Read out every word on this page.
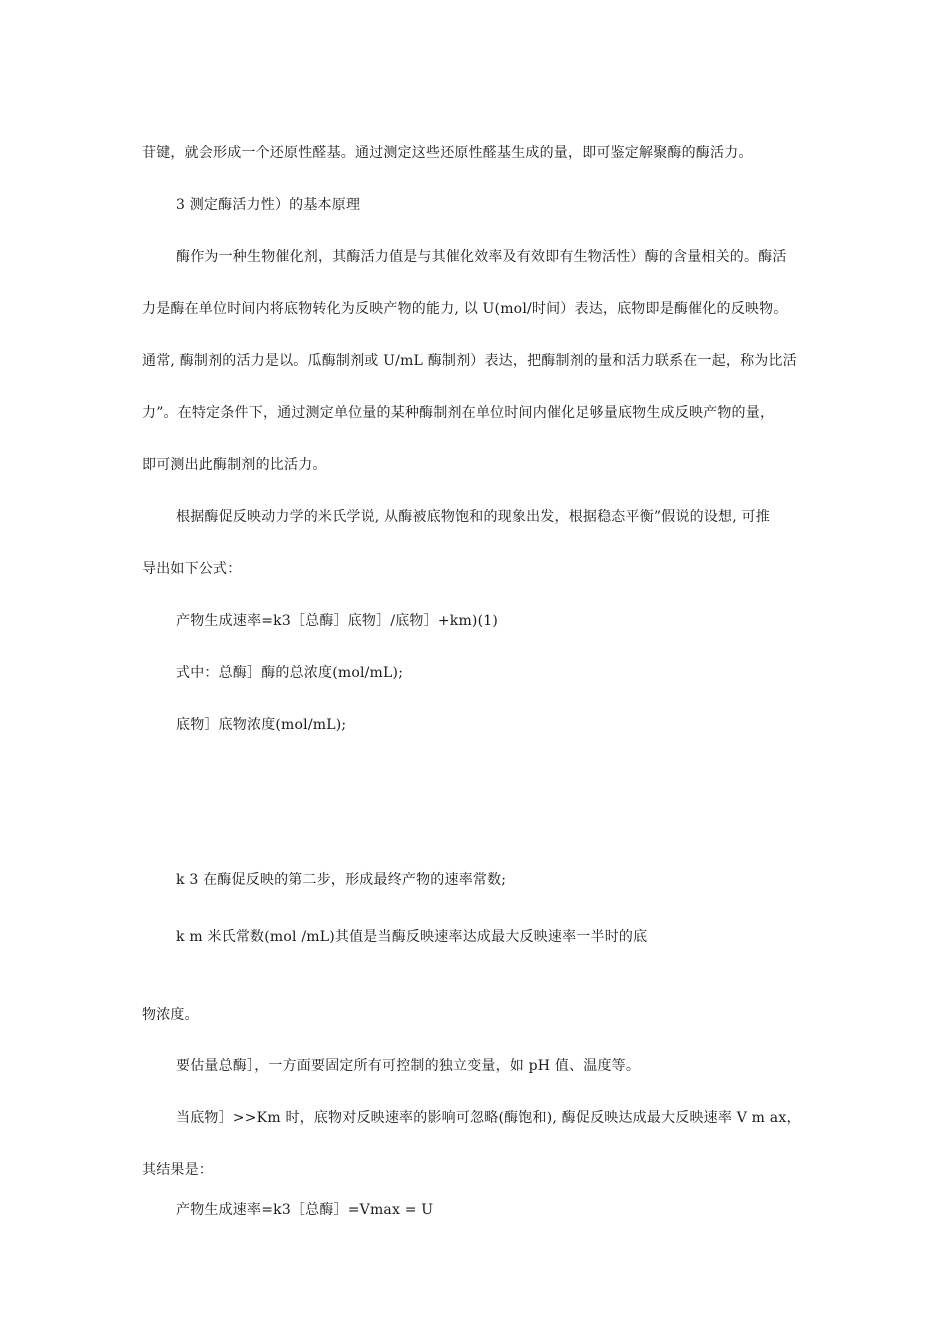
苷键，就会形成一个还原性醛基。通过测定这些还原性醛基生成的量，即可鉴定解聚酶的酶活力。
3 测定酶活力性）的基本原理
酶作为一种生物催化剂，其酶活力值是与其催化效率及有效即有生物活性）酶的含量相关的。酶活
力是酶在单位时间内将底物转化为反映产物的能力, 以 U(mol/时间）表达，底物即是酶催化的反映物。
通常, 酶制剂的活力是以。瓜酶制剂或 U/mL 酶制剂）表达，把酶制剂的量和活力联系在一起，称为比活
力”。在特定条件下，通过测定单位量的某种酶制剂在单位时间内催化足够量底物生成反映产物的量，
即可测出此酶制剂的比活力。
根据酶促反映动力学的米氏学说, 从酶被底物饱和的现象出发，根据稳态平衡”假说的设想, 可推
导出如下公式：
产物生成速率=k3［总酶］底物］/底物］+km)(1)
式中：总酶］酶的总浓度(mol/mL);
底物］底物浓度(mol/mL);
k 3 在酶促反映的第二步，形成最终产物的速率常数;
k m 米氏常数(mol /mL)其值是当酶反映速率达成最大反映速率一半时的底
物浓度。
要估量总酶］，一方面要固定所有可控制的独立变量，如 pH 值、温度等。
当底物］>>Km 时，底物对反映速率的影响可忽略(酶饱和), 酶促反映达成最大反映速率 V m ax，
其结果是：
产物生成速率=k3［总酶］=Vmax = U
